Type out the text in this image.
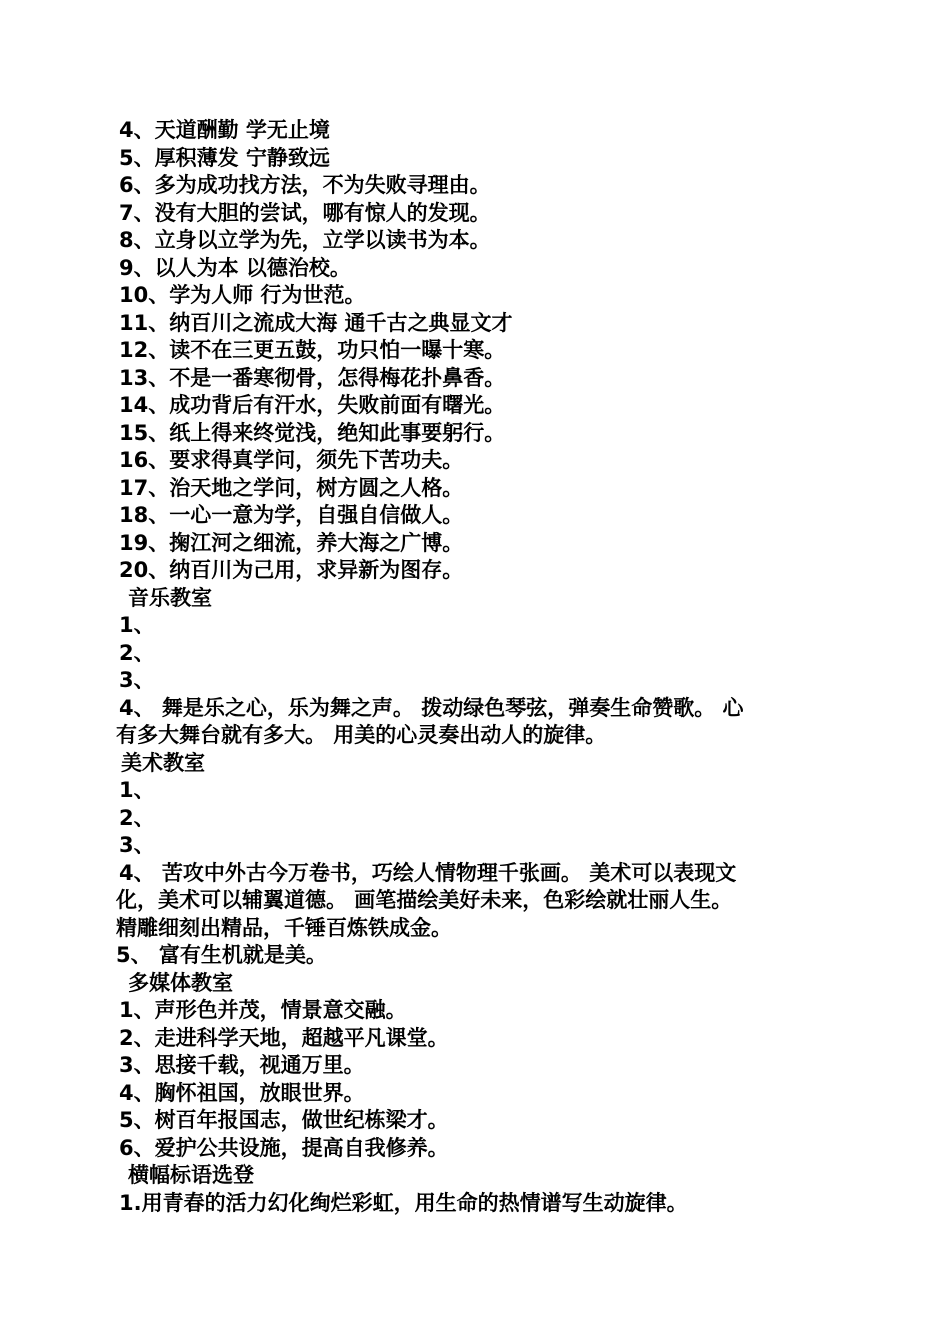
4、天道酬勤 学无止境
5、厚积薄发 宁静致远
6、多为成功找方法，不为失败寻理由。
7、没有大胆的尝试，哪有惊人的发现。
8、立身以立学为先，立学以读书为本。
9、以人为本 以德治校。
10、学为人师 行为世范。
11、纳百川之流成大海 通千古之典显文才
12、读不在三更五鼓，功只怕一曝十寒。
13、不是一番寒彻骨，怎得梅花扑鼻香。
14、成功背后有汗水，失败前面有曙光。
15、纸上得来终觉浅，绝知此事要躬行。
16、要求得真学问，须先下苦功夫。
17、治天地之学问，树方圆之人格。
18、一心一意为学，自强自信做人。
19、掬江河之细流，养大海之广博。
20、纳百川为己用，求异新为图存。
音乐教室
1、
2、
3、
4、 舞是乐之心，乐为舞之声。 拨动绿色琴弦，弹奏生命赞歌。 心
有多大舞台就有多大。 用美的心灵奏出动人的旋律。
美术教室
1、
2、
3、
4、 苦攻中外古今万卷书，巧绘人情物理千张画。 美术可以表现文
化，美术可以辅翼道德。 画笔描绘美好未来，色彩绘就壮丽人生。
精雕细刻出精品，千锤百炼铁成金。
5、 富有生机就是美。
多媒体教室
1、声形色并茂，情景意交融。
2、走进科学天地，超越平凡课堂。
3、思接千载，视通万里。
4、胸怀祖国，放眼世界。
5、树百年报国志，做世纪栋梁才。
6、爱护公共设施，提高自我修养。
横幅标语选登
1.用青春的活力幻化绚烂彩虹，用生命的热情谱写生动旋律。
